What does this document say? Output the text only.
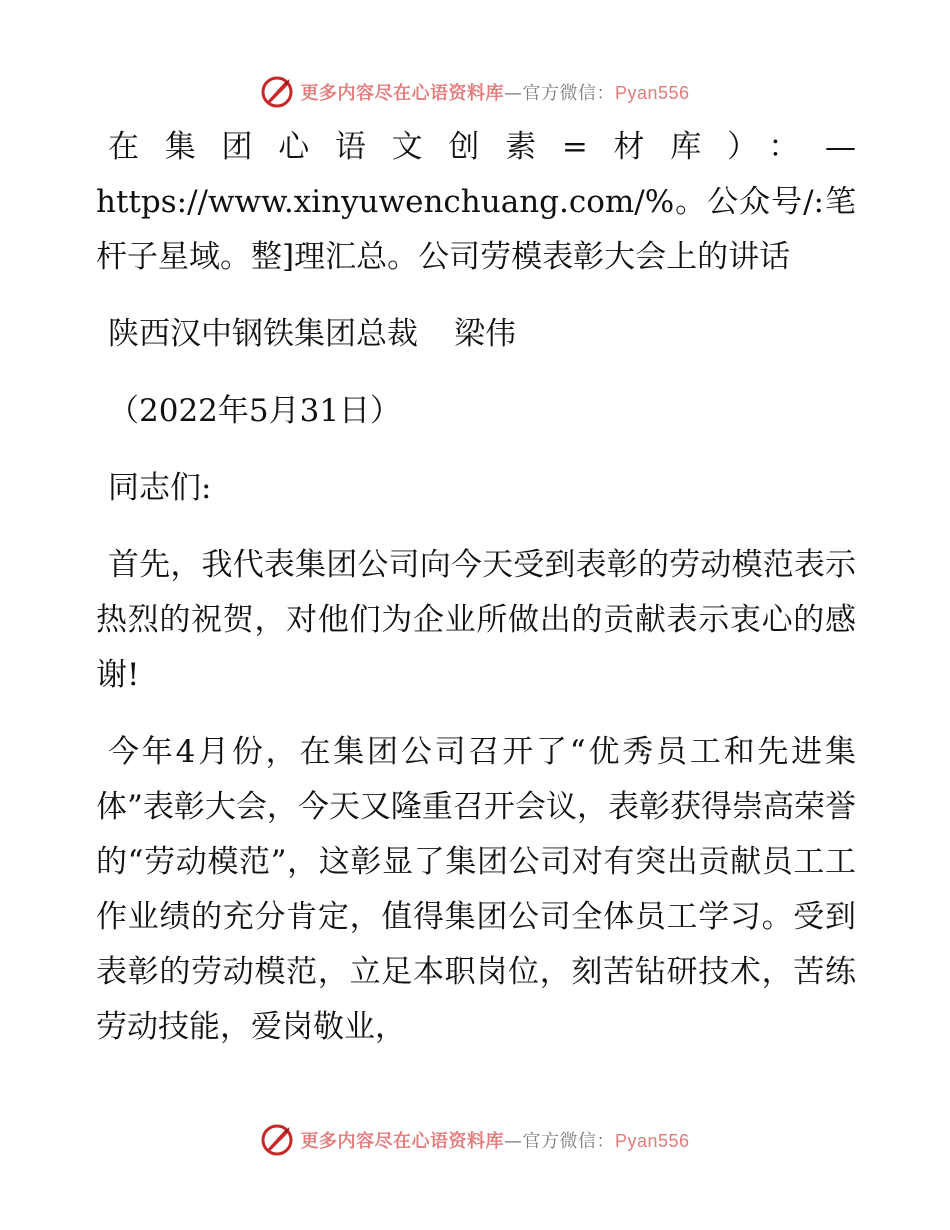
更多内容尽在心语资料库—官方微信：Pyan556

在集团心语文创素=材库）：—https://www.xinyuwenchuang.com/%。公众号/:笔杆子星域。整]理汇总。公司劳模表彰大会上的讲话

陕西汉中钢铁集团总裁 梁伟

（2022年5月31日）

同志们:

首先，我代表集团公司向今天受到表彰的劳动模范表示热烈的祝贺，对他们为企业所做出的贡献表示衷心的感谢!

今年4月份，在集团公司召开了“优秀员工和先进集体”表彰大会，今天又隆重召开会议，表彰获得崇高荣誉的“劳动模范”，这彰显了集团公司对有突出贡献员工工作业绩的充分肯定，值得集团公司全体员工学习。受到表彰的劳动模范，立足本职岗位，刻苦钻研技术，苦练劳动技能，爱岗敬业，

更多内容尽在心语资料库—官方微信：Pyan556
